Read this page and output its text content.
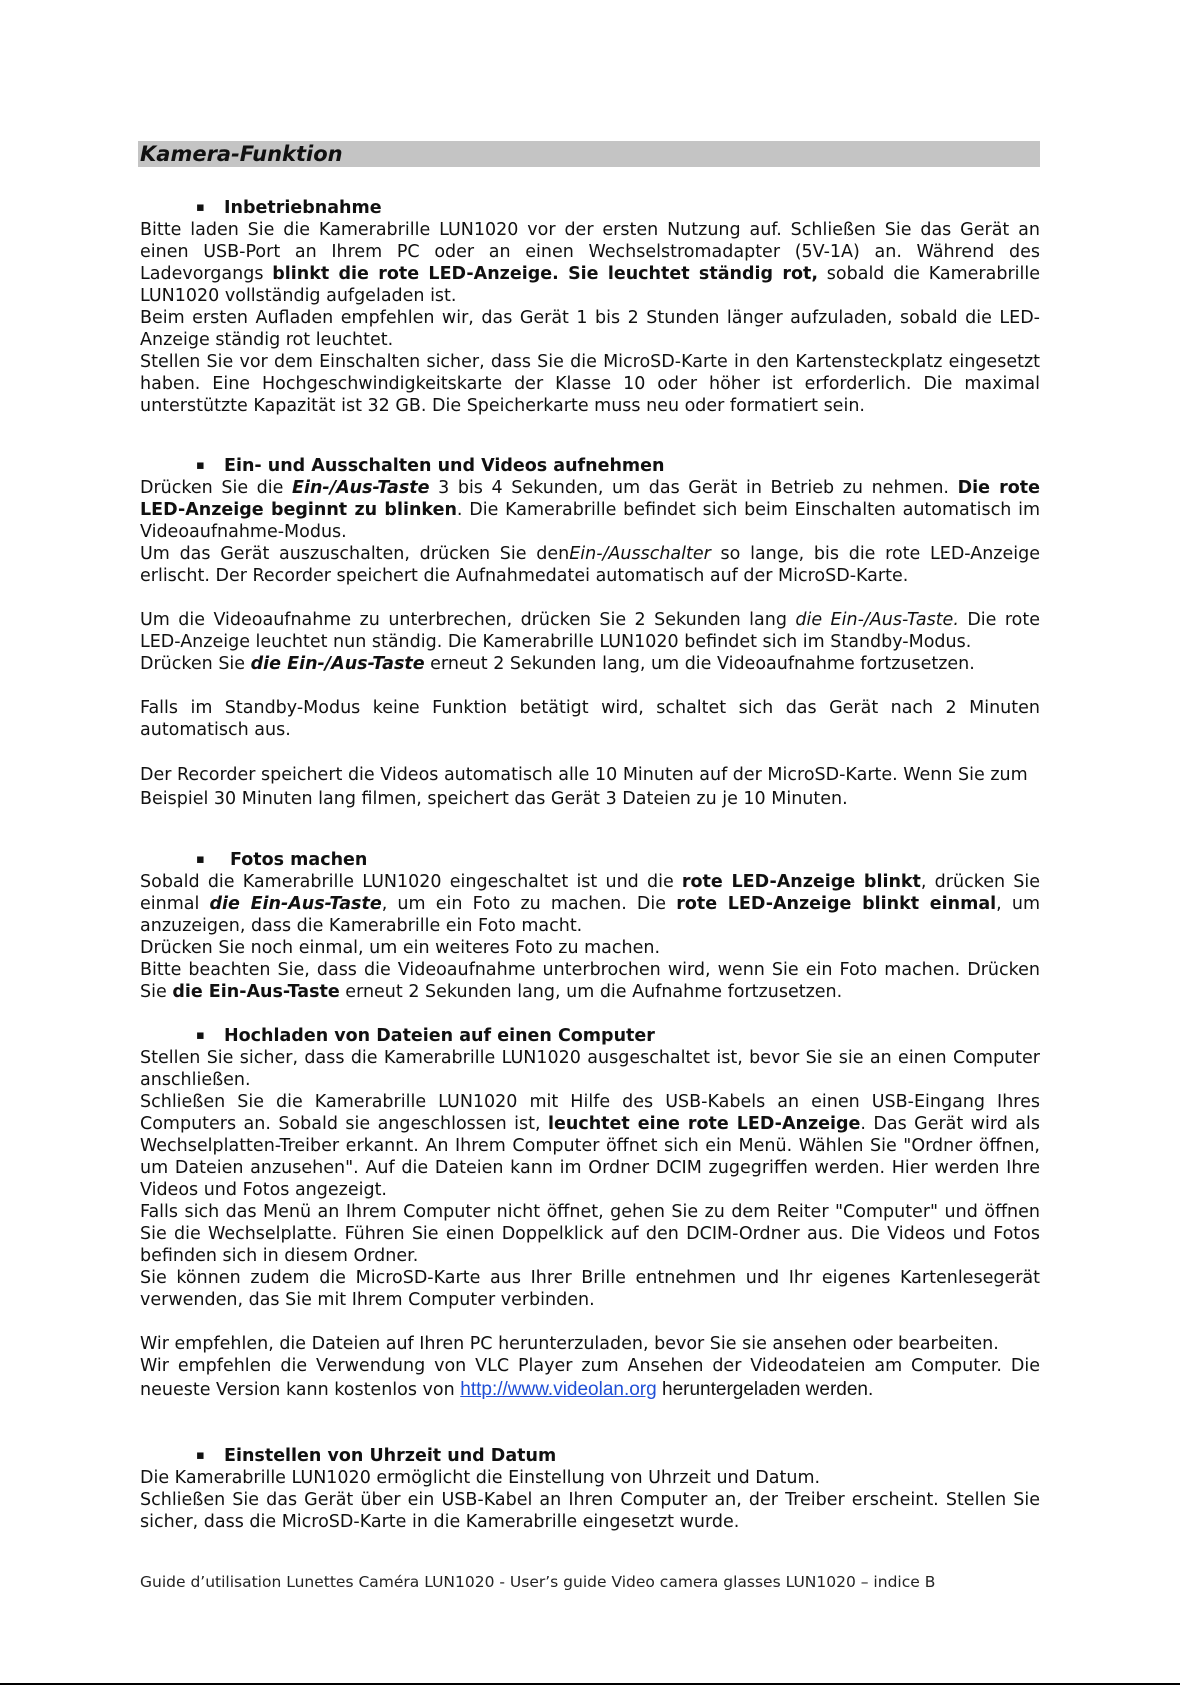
Kamera-Funktion
▪ Inbetriebnahme

Bitte laden Sie die Kamerabrille LUN1020 vor der ersten Nutzung auf. Schließen Sie das Gerät an einen USB-Port an Ihrem PC oder an einen Wechselstromadapter (5V-1A) an. Während des Ladevorgangs blinkt die rote LED-Anzeige. Sie leuchtet ständig rot, sobald die Kamerabrille LUN1020 vollständig aufgeladen ist.

Beim ersten Aufladen empfehlen wir, das Gerät 1 bis 2 Stunden länger aufzuladen, sobald die LED-Anzeige ständig rot leuchtet.

Stellen Sie vor dem Einschalten sicher, dass Sie die MicroSD-Karte in den Kartensteckplatz eingesetzt haben. Eine Hochgeschwindigkeitskarte der Klasse 10 oder höher ist erforderlich. Die maximal unterstützte Kapazität ist 32 GB. Die Speicherkarte muss neu oder formatiert sein.

▪ Ein- und Ausschalten und Videos aufnehmen

Drücken Sie die Ein-/Aus-Taste 3 bis 4 Sekunden, um das Gerät in Betrieb zu nehmen. Die rote LED-Anzeige beginnt zu blinken. Die Kamerabrille befindet sich beim Einschalten automatisch im Videoaufnahme-Modus.

Um das Gerät auszuschalten, drücken Sie denEin-/Ausschalter so lange, bis die rote LED-Anzeige erlischt. Der Recorder speichert die Aufnahmedatei automatisch auf der MicroSD-Karte.

Um die Videoaufnahme zu unterbrechen, drücken Sie 2 Sekunden lang die Ein-/Aus-Taste. Die rote LED-Anzeige leuchtet nun ständig. Die Kamerabrille LUN1020 befindet sich im Standby-Modus.

Drücken Sie die Ein-/Aus-Taste erneut 2 Sekunden lang, um die Videoaufnahme fortzusetzen.

Falls im Standby-Modus keine Funktion betätigt wird, schaltet sich das Gerät nach 2 Minuten automatisch aus.

Der Recorder speichert die Videos automatisch alle 10 Minuten auf der MicroSD-Karte. Wenn Sie zum Beispiel 30 Minuten lang filmen, speichert das Gerät 3 Dateien zu je 10 Minuten.

▪ Fotos machen

Sobald die Kamerabrille LUN1020 eingeschaltet ist und die rote LED-Anzeige blinkt, drücken Sie einmal die Ein-Aus-Taste, um ein Foto zu machen. Die rote LED-Anzeige blinkt einmal, um anzuzeigen, dass die Kamerabrille ein Foto macht.

Drücken Sie noch einmal, um ein weiteres Foto zu machen.

Bitte beachten Sie, dass die Videoaufnahme unterbrochen wird, wenn Sie ein Foto machen. Drücken Sie die Ein-Aus-Taste erneut 2 Sekunden lang, um die Aufnahme fortzusetzen.

▪ Hochladen von Dateien auf einen Computer

Stellen Sie sicher, dass die Kamerabrille LUN1020 ausgeschaltet ist, bevor Sie sie an einen Computer anschließen.

Schließen Sie die Kamerabrille LUN1020 mit Hilfe des USB-Kabels an einen USB-Eingang Ihres Computers an. Sobald sie angeschlossen ist, leuchtet eine rote LED-Anzeige. Das Gerät wird als Wechselplatten-Treiber erkannt. An Ihrem Computer öffnet sich ein Menü. Wählen Sie "Ordner öffnen, um Dateien anzusehen". Auf die Dateien kann im Ordner DCIM zugegriffen werden. Hier werden Ihre Videos und Fotos angezeigt.

Falls sich das Menü an Ihrem Computer nicht öffnet, gehen Sie zu dem Reiter "Computer" und öffnen Sie die Wechselplatte. Führen Sie einen Doppelklick auf den DCIM-Ordner aus. Die Videos und Fotos befinden sich in diesem Ordner.

Sie können zudem die MicroSD-Karte aus Ihrer Brille entnehmen und Ihr eigenes Kartenlesegerät verwenden, das Sie mit Ihrem Computer verbinden.

Wir empfehlen, die Dateien auf Ihren PC herunterzuladen, bevor Sie sie ansehen oder bearbeiten.

Wir empfehlen die Verwendung von VLC Player zum Ansehen der Videodateien am Computer. Die neueste Version kann kostenlos von http://www.videolan.org heruntergeladen werden.

▪ Einstellen von Uhrzeit und Datum

Die Kamerabrille LUN1020 ermöglicht die Einstellung von Uhrzeit und Datum.

Schließen Sie das Gerät über ein USB-Kabel an Ihren Computer an, der Treiber erscheint. Stellen Sie sicher, dass die MicroSD-Karte in die Kamerabrille eingesetzt wurde.

Guide d’utilisation Lunettes Caméra LUN1020 - User’s guide Video camera glasses LUN1020 – indice B
